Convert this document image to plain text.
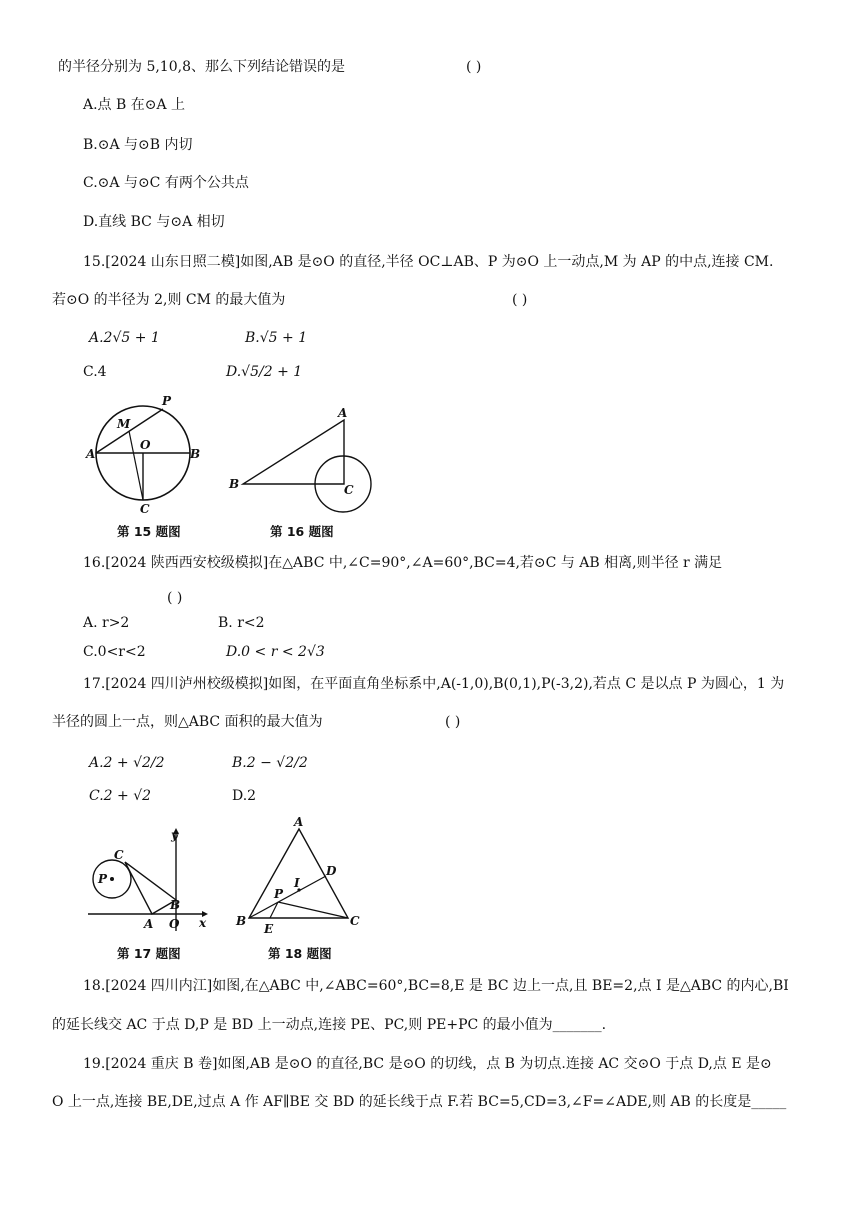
的半径分别为 5,10,8、那么下列结论错误的是	( )
A.点 B 在⊙A 上
B.⊙A 与⊙B 内切
C.⊙A 与⊙C 有两个公共点
D.直线 BC 与⊙A 相切
15.[2024 山东日照二模]如图,AB 是⊙O 的直径,半径 OC⊥AB、P 为⊙O 上一动点,M 为 AP 的中点,连接 CM.
若⊙O 的半径为 2,则 CM 的最大值为	( )
A.2√5 + 1	B.√5 + 1
C.4	D.√5/2 + 1
P
M
O
A	B
C
第 15 题图
A
B	C
第 16 题图
16.[2024 陕西西安校级模拟]在△ABC 中,∠C=90°,∠A=60°,BC=4,若⊙C 与 AB 相离,则半径 r 满足
( )
A. r>2	B. r<2
C.0<r<2	D.0 < r < 2√3
17.[2024 四川泸州校级模拟]如图，在平面直角坐标系中,A(-1,0),B(0,1),P(-3,2),若点 C 是以点 P 为圆心，1 为
半径的圆上一点，则△ABC 面积的最大值为	( )
A.2 + √2/2	B.2 − √2/2
C.2 + √2	D.2
C
P
A
B
O x
y
第 17 题图
A
B	C
D
I
P
E
第 18 题图
18.[2024 四川内江]如图,在△ABC 中,∠ABC=60°,BC=8,E 是 BC 边上一点,且 BE=2,点 I 是△ABC 的内心,BI
的延长线交 AC 于点 D,P 是 BD 上一动点,连接 PE、PC,则 PE+PC 的最小值为_______.
19.[2024 重庆 B 卷]如图,AB 是⊙O 的直径,BC 是⊙O 的切线，点 B 为切点.连接 AC 交⊙O 于点 D,点 E 是⊙
O 上一点,连接 BE,DE,过点 A 作 AF∥BE 交 BD 的延长线于点 F.若 BC=5,CD=3,∠F=∠ADE,则 AB 的长度是_____
